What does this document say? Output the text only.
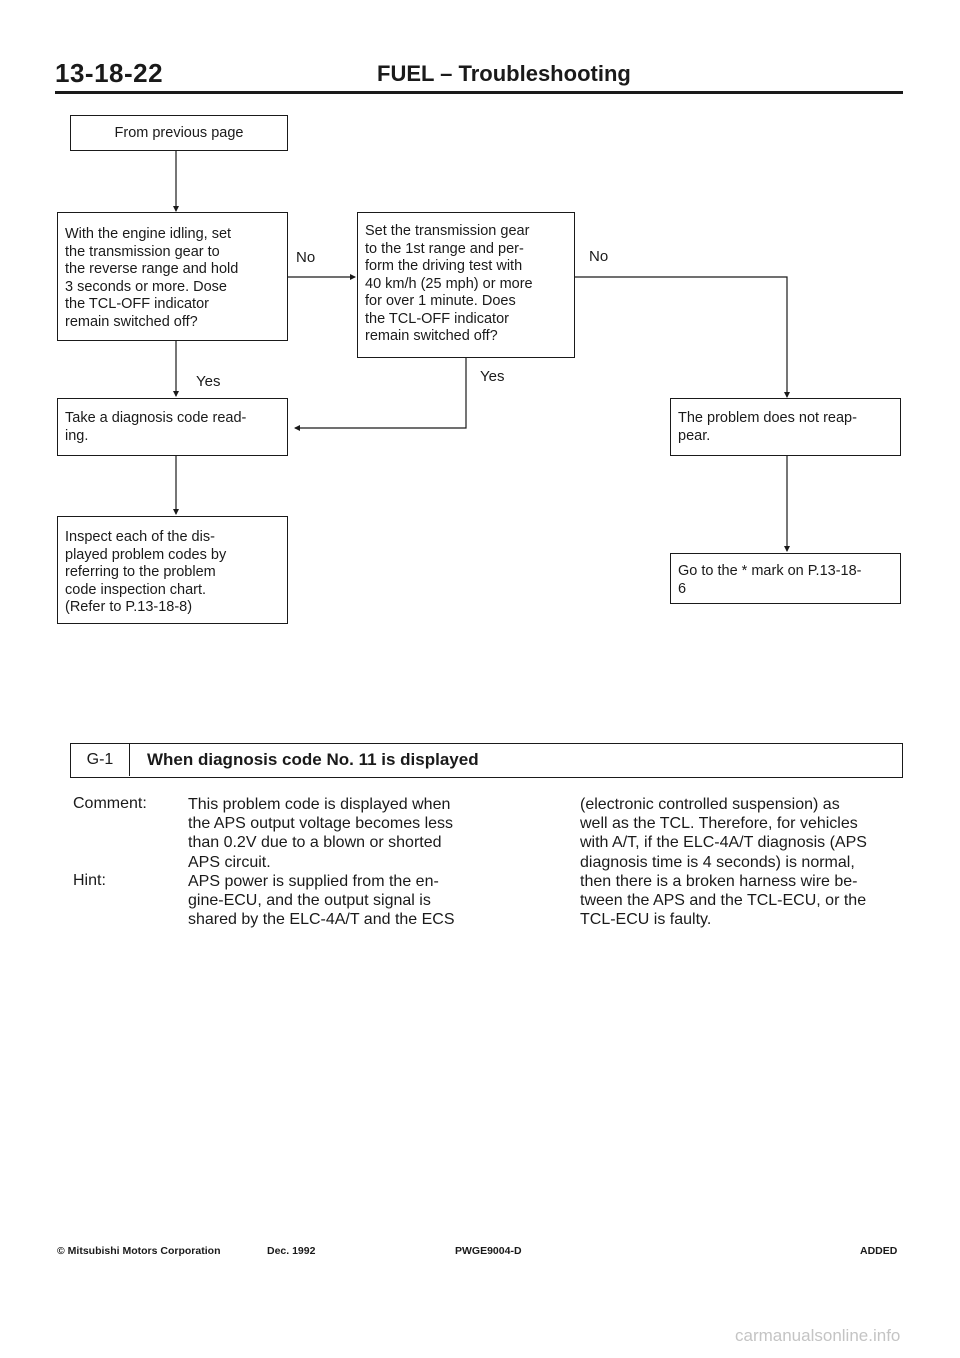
13-18-22	FUEL – Troubleshooting
From previous page
With the engine idling, set
the transmission gear to
the reverse range and hold
3 seconds or more. Dose
the TCL-OFF indicator
remain switched off?
Set the transmission gear
to the 1st range and per-
form the driving test with
40 km/h (25 mph) or more
for over 1 minute. Does
the TCL-OFF indicator
remain switched off?
No	No
Yes	Yes
Take a diagnosis code read-
ing.
The problem does not reap-
pear.
Inspect each of the dis-
played problem codes by
referring to the problem
code inspection chart.
(Refer to P.13-18-8)
Go to the * mark on P.13-18-
6
G-1	When diagnosis code No. 11 is displayed
Comment:	This problem code is displayed when
the APS output voltage becomes less
than 0.2V due to a blown or shorted
APS circuit.
Hint:	APS power is supplied from the en-
gine-ECU, and the output signal is
shared by the ELC-4A/T and the ECS
(electronic controlled suspension) as
well as the TCL. Therefore, for vehicles
with A/T, if the ELC-4A/T diagnosis (APS
diagnosis time is 4 seconds) is normal,
then there is a broken harness wire be-
tween the APS and the TCL-ECU, or the
TCL-ECU is faulty.
© Mitsubishi Motors Corporation	Dec. 1992	PWGE9004-D	ADDED
carmanualsonline.info
